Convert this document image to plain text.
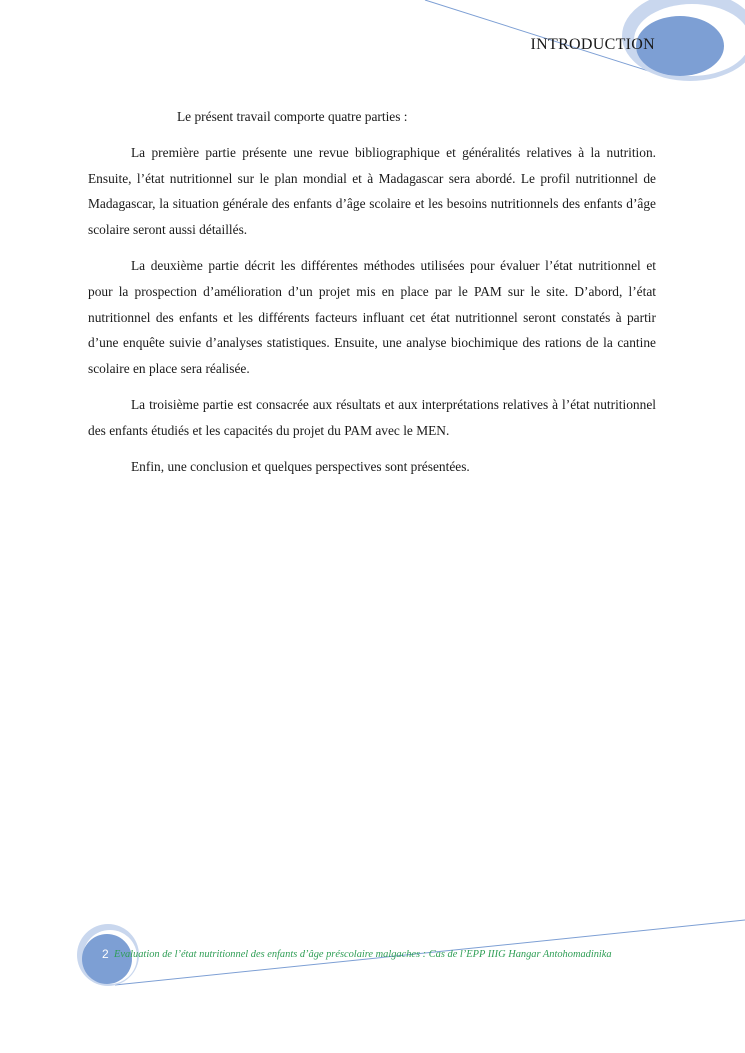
INTRODUCTION

Le présent travail comporte quatre parties :

La première partie présente une revue bibliographique et généralités relatives à la nutrition. Ensuite, l’état nutritionnel sur le plan mondial et à Madagascar sera abordé. Le profil nutritionnel de Madagascar, la situation générale des enfants d’âge scolaire et les besoins nutritionnels des enfants d’âge scolaire seront aussi détaillés.

La deuxième partie décrit les différentes méthodes utilisées pour évaluer l’état nutritionnel et pour la prospection d’amélioration d’un projet mis en place par le PAM sur le site. D’abord, l’état nutritionnel des enfants et les différents facteurs influant cet état nutritionnel seront constatés à partir d’une enquête suivie d’analyses statistiques. Ensuite, une analyse biochimique des rations de la cantine scolaire en place sera réalisée.

La troisième partie est consacrée aux résultats et aux interprétations relatives à l’état nutritionnel des enfants étudiés et les capacités du projet du PAM avec le MEN.

Enfin, une conclusion et quelques perspectives sont présentées.

2 Evaluation de l’état nutritionnel des enfants d’âge préscolaire malgaches : Cas de l’EPP IIIG Hangar Antohomadinika
